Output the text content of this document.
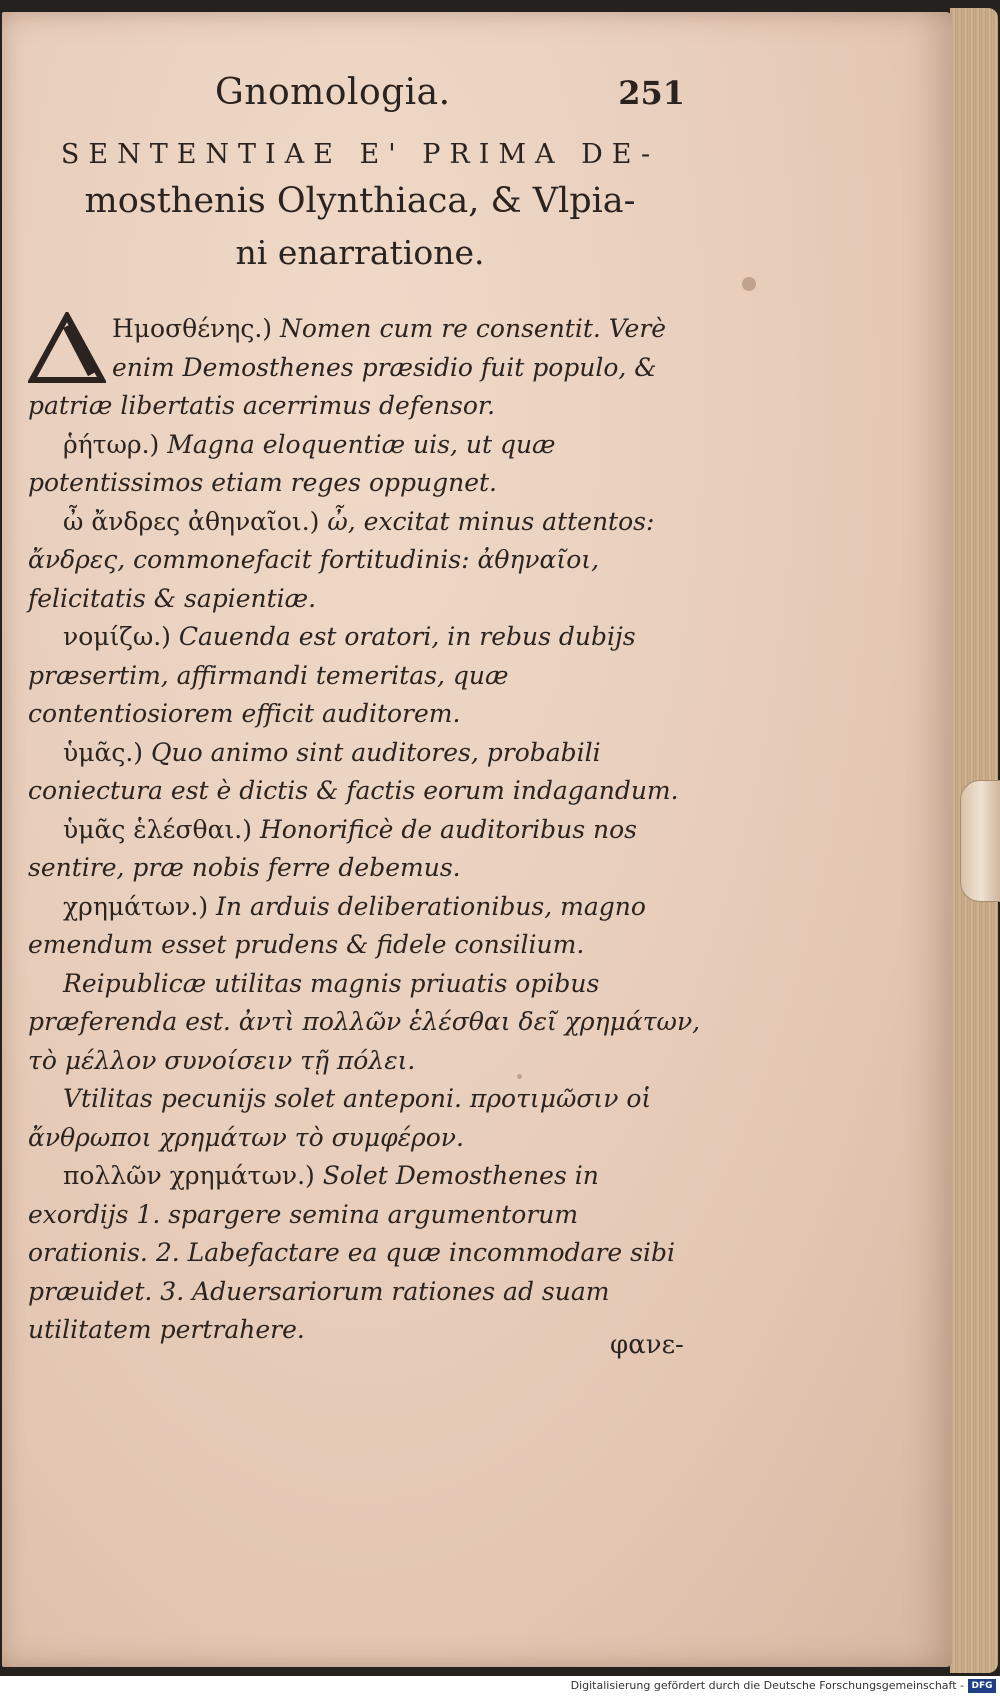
Gnomologia.	251
SENTENTIAE E' PRIMA DE-
mosthenis Olynthiaca, & Vlpia-
ni enarratione.

Ημοσθένης.) Nomen cum re consentit. Verè enim Demosthenes præsidio fuit populo, & patriæ libertatis acerrimus defensor.

ῥήτωρ.) Magna eloquentiæ uis, ut quæ potentissimos etiam reges oppugnet.

ὦ ἄνδρες ἀθηναῖοι.) ὦ, excitat minus attentos: ἄνδρες, commonefacit fortitudinis: ἀθηναῖοι, felicitatis & sapientiæ.

νομίζω.) Cauenda est oratori, in rebus dubijs præsertim, affirmandi temeritas, quæ contentiosiorem efficit auditorem.

ὑμᾶς.) Quo animo sint auditores, probabili coniectura est è dictis & factis eorum indagandum.

ὑμᾶς ἑλέσθαι.) Honorificè de auditoribus nos sentire, præ nobis ferre debemus.

χρημάτων.) In arduis deliberationibus, magno emendum esset prudens & fidele consilium.

Reipublicæ utilitas magnis priuatis opibus præferenda est. ἀντὶ πολλῶν ἑλέσθαι δεῖ χρημάτων, τὸ μέλλον συνοίσειν τῇ πόλει.

Vtilitas pecunijs solet anteponi. προτιμῶσιν οἱ ἄνθρωποι χρημάτων τὸ συμφέρον.

πολλῶν χρημάτων.) Solet Demosthenes in exordijs 1. spargere semina argumentorum orationis. 2. Labefactare ea quæ incommodare sibi præuidet. 3. Aduersariorum rationes ad suam utilitatem pertrahere.

φανε-
Digitalisierung gefördert durch die Deutsche Forschungsgemeinschaft - DFG
